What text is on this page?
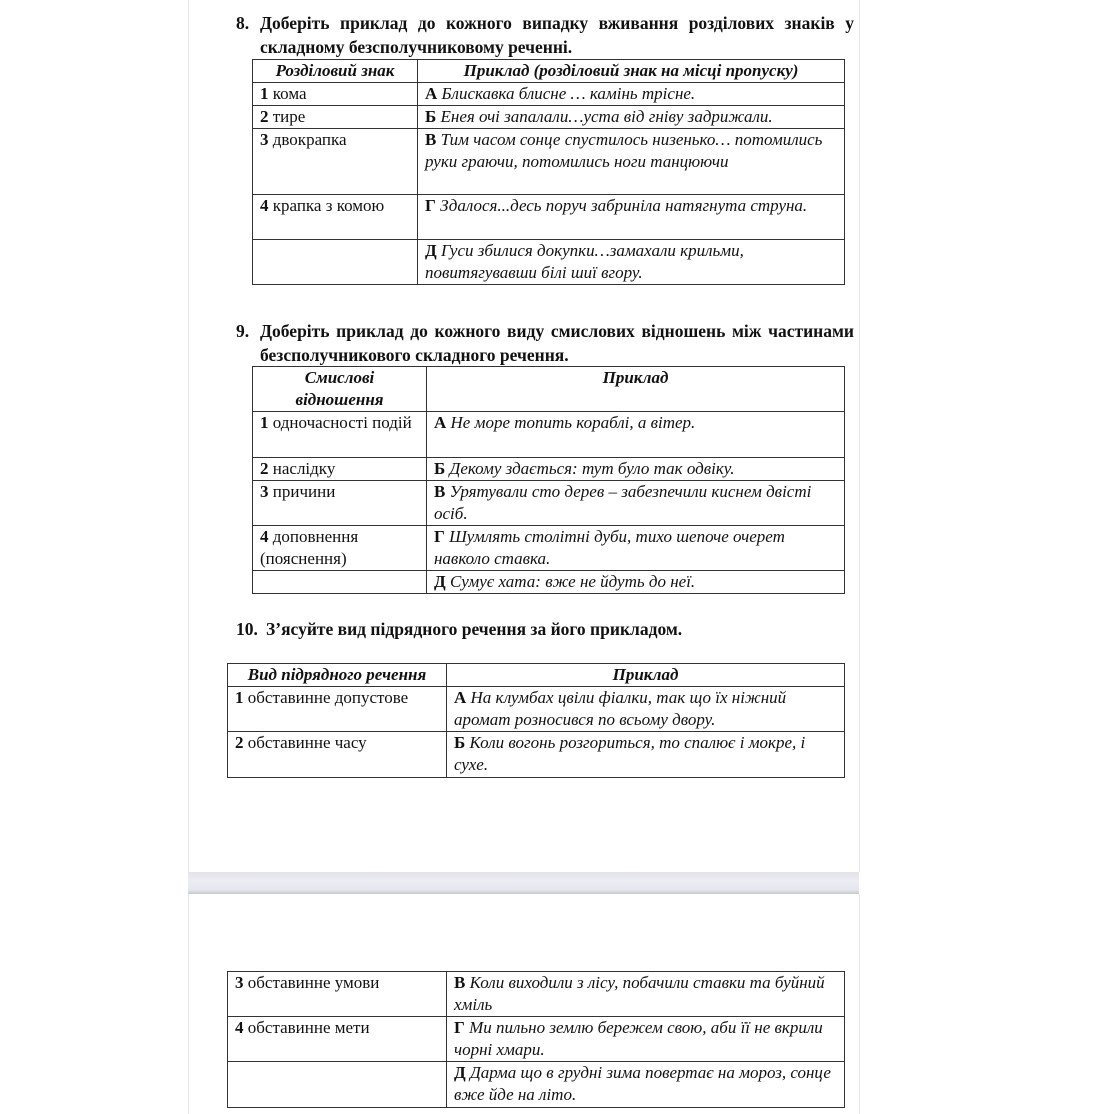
8. Доберіть приклад до кожного випадку вживання розділових знаків у складному безсполучниковому реченні.
Розділовий знак	Приклад (розділовий знак на місці пропуску)
1 кома	А Блискавка блисне … камінь трісне.
2 тире	Б Енея очі запалали…уста від гніву задрижали.
3 двокрапка	В Тим часом сонце спустилось низенько… потомились руки граючи, потомились ноги танцюючи
4 крапка з комою	Г Здалося...десь поруч забриніла натягнута струна.
	Д Гуси збилися докупки…замахали крильми, повитягувавши білі шиї вгору.
9. Доберіть приклад до кожного виду смислових відношень між частинами безсполучникового складного речення.
Смислові відношення	Приклад
1 одночасності подій	А Не море топить кораблі, а вітер.
2 наслідку	Б Декому здається: тут було так одвіку.
3 причини	В Урятували сто дерев – забезпечили киснем двісті осіб.
4 доповнення (пояснення)	Г Шумлять столітні дуби, тихо шепоче очерет навколо ставка.
	Д Сумує хата: вже не йдуть до неї.
10. З’ясуйте вид підрядного речення за його прикладом.
Вид підрядного речення	Приклад
1 обставинне допустове	А На клумбах цвіли фіалки, так що їх ніжний аромат розносився по всьому двору.
2 обставинне часу	Б Коли вогонь розгориться, то спалює і мокре, і сухе.
3 обставинне умови	В Коли виходили з лісу, побачили ставки та буйний хміль
4 обставинне мети	Г Ми пильно землю бережем свою, аби її не вкрили чорні хмари.
	Д Дарма що в грудні зима повертає на мороз, сонце вже йде на літо.
